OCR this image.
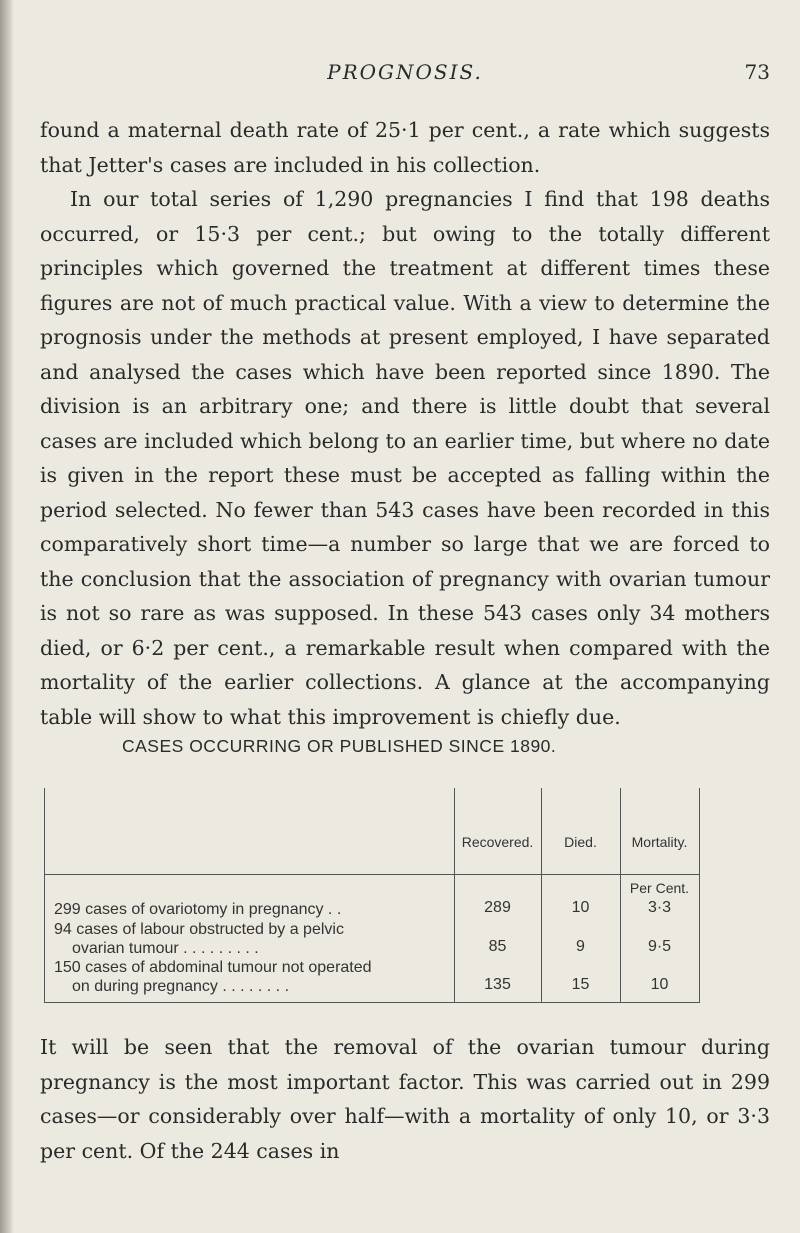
PROGNOSIS.	73

found a maternal death rate of 25·1 per cent., a rate which suggests that Jetter's cases are included in his collection.

In our total series of 1,290 pregnancies I find that 198 deaths occurred, or 15·3 per cent.; but owing to the totally different principles which governed the treatment at different times these figures are not of much practical value. With a view to determine the prognosis under the methods at present employed, I have separated and analysed the cases which have been reported since 1890. The division is an arbitrary one; and there is little doubt that several cases are included which belong to an earlier time, but where no date is given in the report these must be accepted as falling within the period selected. No fewer than 543 cases have been recorded in this comparatively short time—a number so large that we are forced to the conclusion that the association of pregnancy with ovarian tumour is not so rare as was supposed. In these 543 cases only 34 mothers died, or 6·2 per cent., a remarkable result when compared with the mortality of the earlier collections. A glance at the accompanying table will show to what this improvement is chiefly due.

CASES OCCURRING OR PUBLISHED SINCE 1890.
Recovered.	Died.	Mortality.
Per Cent.
299 cases of ovariotomy in pregnancy . .	289	10	3·3
94 cases of labour obstructed by a pelvic
ovarian tumour . . . . . . . . .	85	9	9·5
150 cases of abdominal tumour not operated
on during pregnancy . . . . . . . .	135	15	10
It will be seen that the removal of the ovarian tumour during pregnancy is the most important factor. This was carried out in 299 cases—or considerably over half—with a mortality of only 10, or 3·3 per cent. Of the 244 cases in
